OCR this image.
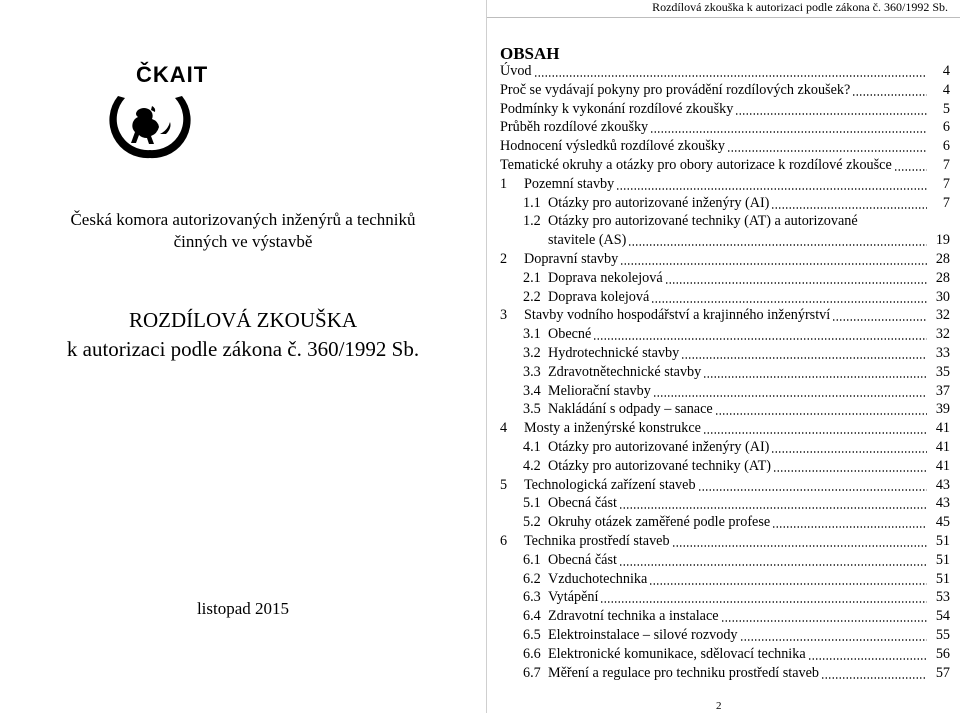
Rozdílová zkouška k autorizaci podle zákona č. 360/1992 Sb.
ČKAIT
Česká komora autorizovaných inženýrů a techniků
činných ve výstavbě
ROZDÍLOVÁ ZKOUŠKA
k autorizaci podle zákona č. 360/1992 Sb.
listopad 2015
OBSAH
Úvod	4
Proč se vydávají pokyny pro provádění rozdílových zkoušek?	4
Podmínky k vykonání rozdílové zkoušky	5
Průběh rozdílové zkoušky	6
Hodnocení výsledků rozdílové zkoušky	6
Tematické okruhy a otázky pro obory autorizace k rozdílové zkoušce	7
1 Pozemní stavby	7
1.1 Otázky pro autorizované inženýry (AI)	7
1.2 Otázky pro autorizované techniky (AT) a autorizované
stavitele (AS)	19
2 Dopravní stavby	28
2.1 Doprava nekolejová	28
2.2 Doprava kolejová	30
3 Stavby vodního hospodářství a krajinného inženýrství	32
3.1 Obecné	32
3.2 Hydrotechnické stavby	33
3.3 Zdravotnětechnické stavby	35
3.4 Meliorační stavby	37
3.5 Nakládání s odpady – sanace	39
4 Mosty a inženýrské konstrukce	41
4.1 Otázky pro autorizované inženýry (AI)	41
4.2 Otázky pro autorizované techniky (AT)	41
5 Technologická zařízení staveb	43
5.1 Obecná část	43
5.2 Okruhy otázek zaměřené podle profese	45
6 Technika prostředí staveb	51
6.1 Obecná část	51
6.2 Vzduchotechnika	51
6.3 Vytápění	53
6.4 Zdravotní technika a instalace	54
6.5 Elektroinstalace – silové rozvody	55
6.6 Elektronické komunikace, sdělovací technika	56
6.7 Měření a regulace pro techniku prostředí staveb	57
2
